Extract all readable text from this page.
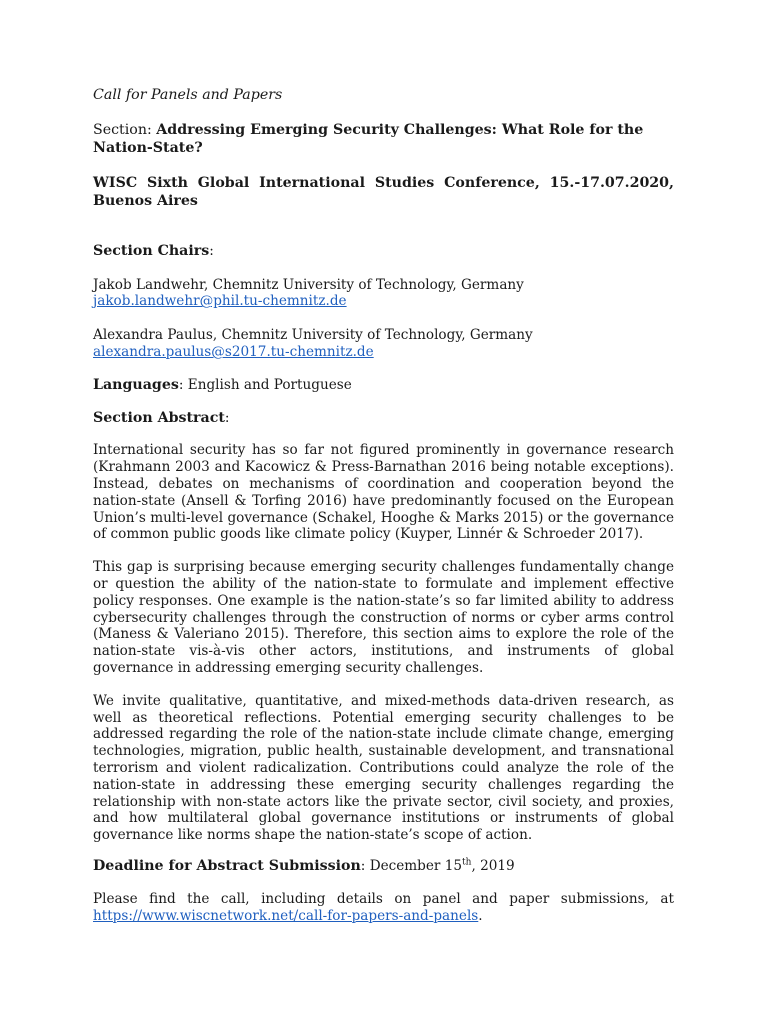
Call for Panels and Papers

Section: Addressing Emerging Security Challenges: What Role for the Nation-State?

WISC Sixth Global International Studies Conference, 15.-17.07.2020, Buenos Aires

Section Chairs:

Jakob Landwehr, Chemnitz University of Technology, Germany
jakob.landwehr@phil.tu-chemnitz.de

Alexandra Paulus, Chemnitz University of Technology, Germany
alexandra.paulus@s2017.tu-chemnitz.de

Languages: English and Portuguese

Section Abstract:

International security has so far not figured prominently in governance research (Krahmann 2003 and Kacowicz & Press-Barnathan 2016 being notable exceptions). Instead, debates on mechanisms of coordination and cooperation beyond the nation-state (Ansell & Torfing 2016) have predominantly focused on the European Union’s multi-level governance (Schakel, Hooghe & Marks 2015) or the governance of common public goods like climate policy (Kuyper, Linnér & Schroeder 2017).

This gap is surprising because emerging security challenges fundamentally change or question the ability of the nation-state to formulate and implement effective policy responses. One example is the nation-state’s so far limited ability to address cybersecurity challenges through the construction of norms or cyber arms control (Maness & Valeriano 2015). Therefore, this section aims to explore the role of the nation-state vis-à-vis other actors, institutions, and instruments of global governance in addressing emerging security challenges.

We invite qualitative, quantitative, and mixed-methods data-driven research, as well as theoretical reflections. Potential emerging security challenges to be addressed regarding the role of the nation-state include climate change, emerging technologies, migration, public health, sustainable development, and transnational terrorism and violent radicalization. Contributions could analyze the role of the nation-state in addressing these emerging security challenges regarding the relationship with non-state actors like the private sector, civil society, and proxies, and how multilateral global governance institutions or instruments of global governance like norms shape the nation-state’s scope of action.

Deadline for Abstract Submission: December 15th, 2019

Please find the call, including details on panel and paper submissions, at https://www.wiscnetwork.net/call-for-papers-and-panels.
